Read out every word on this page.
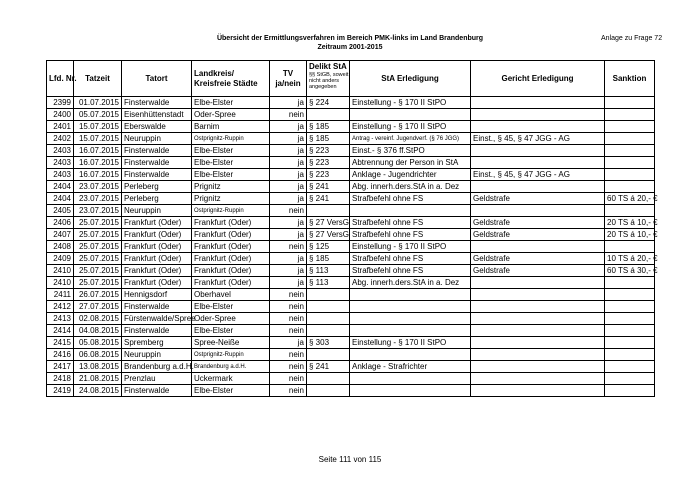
Übersicht der Ermittlungsverfahren im Bereich PMK-links im Land Brandenburg
Zeitraum 2001-2015
Anlage zu Frage 72
Lfd. Nr.	Tatzeit	Tatort	Landkreis/
Kreisfreie Städte	TV
ja/nein	Delikt StA
§§ StGB, soweit
nicht anders
angegeben	StA Erledigung	Gericht Erledigung	Sanktion
2399	01.07.2015	Finsterwalde	Elbe-Elster	ja	§ 224	Einstellung - § 170 II StPO		
2400	05.07.2015	Eisenhüttenstadt	Oder-Spree	nein				
2401	15.07.2015	Eberswalde	Barnim	ja	§ 185	Einstellung - § 170 II StPO		
2402	15.07.2015	Neuruppin	Ostprignitz-Ruppin	ja	§ 185	Antrag - vereinf. Jugendverf. (§ 76 JGG)	Einst., § 45, § 47 JGG - AG	
2403	16.07.2015	Finsterwalde	Elbe-Elster	ja	§ 223	Einst.- § 376 ff.StPO		
2403	16.07.2015	Finsterwalde	Elbe-Elster	ja	§ 223	Abtrennung der Person in StA		
2403	16.07.2015	Finsterwalde	Elbe-Elster	ja	§ 223	Anklage - Jugendrichter	Einst., § 45, § 47 JGG - AG	
2404	23.07.2015	Perleberg	Prignitz	ja	§ 241	Abg. innerh.ders.StA in a. Dez		
2404	23.07.2015	Perleberg	Prignitz	ja	§ 241	Strafbefehl ohne FS	Geldstrafe	60 TS á 20,- €
2405	23.07.2015	Neuruppin	Ostprignitz-Ruppin	nein				
2406	25.07.2015	Frankfurt (Oder)	Frankfurt (Oder)	ja	§ 27 VersG	Strafbefehl ohne FS	Geldstrafe	20 TS á 10,- €
2407	25.07.2015	Frankfurt (Oder)	Frankfurt (Oder)	ja	§ 27 VersG	Strafbefehl ohne FS	Geldstrafe	20 TS á 10,- €
2408	25.07.2015	Frankfurt (Oder)	Frankfurt (Oder)	nein	§ 125	Einstellung - § 170 II StPO		
2409	25.07.2015	Frankfurt (Oder)	Frankfurt (Oder)	ja	§ 185	Strafbefehl ohne FS	Geldstrafe	10 TS á 20,- €
2410	25.07.2015	Frankfurt (Oder)	Frankfurt (Oder)	ja	§ 113	Strafbefehl ohne FS	Geldstrafe	60 TS á 30,- €
2410	25.07.2015	Frankfurt (Oder)	Frankfurt (Oder)	ja	§ 113	Abg. innerh.ders.StA in a. Dez		
2411	26.07.2015	Hennigsdorf	Oberhavel	nein				
2412	27.07.2015	Finsterwalde	Elbe-Elster	nein				
2413	02.08.2015	Fürstenwalde/Spree	Oder-Spree	nein				
2414	04.08.2015	Finsterwalde	Elbe-Elster	nein				
2415	05.08.2015	Spremberg	Spree-Neiße	ja	§ 303	Einstellung - § 170 II StPO		
2416	06.08.2015	Neuruppin	Ostprignitz-Ruppin	nein				
2417	13.08.2015	Brandenburg a.d.H.	Brandenburg a.d.H.	nein	§ 241	Anklage - Strafrichter		
2418	21.08.2015	Prenzlau	Uckermark	nein				
2419	24.08.2015	Finsterwalde	Elbe-Elster	nein				
Seite 111 von 115
